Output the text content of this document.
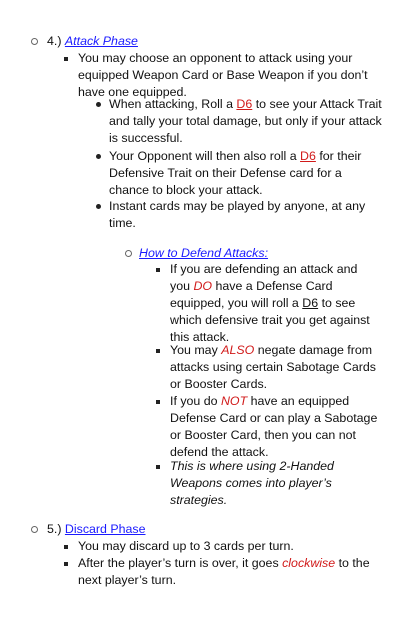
4.) Attack Phase
You may choose an opponent to attack using your equipped Weapon Card or Base Weapon if you don’t have one equipped.
When attacking, Roll a D6 to see your Attack Trait and tally your total damage, but only if your attack is successful.
Your Opponent will then also roll a D6 for their Defensive Trait on their Defense card for a chance to block your attack.
Instant cards may be played by anyone, at any time.
How to Defend Attacks:
If you are defending an attack and you DO have a Defense Card equipped, you will roll a D6 to see which defensive trait you get against this attack.
You may ALSO negate damage from attacks using certain Sabotage Cards or Booster Cards.
If you do NOT have an equipped Defense Card or can play a Sabotage or Booster Card, then you can not defend the attack.
This is where using 2-Handed Weapons comes into player’s strategies.
5.) Discard Phase
You may discard up to 3 cards per turn.
After the player’s turn is over, it goes clockwise to the next player’s turn.
